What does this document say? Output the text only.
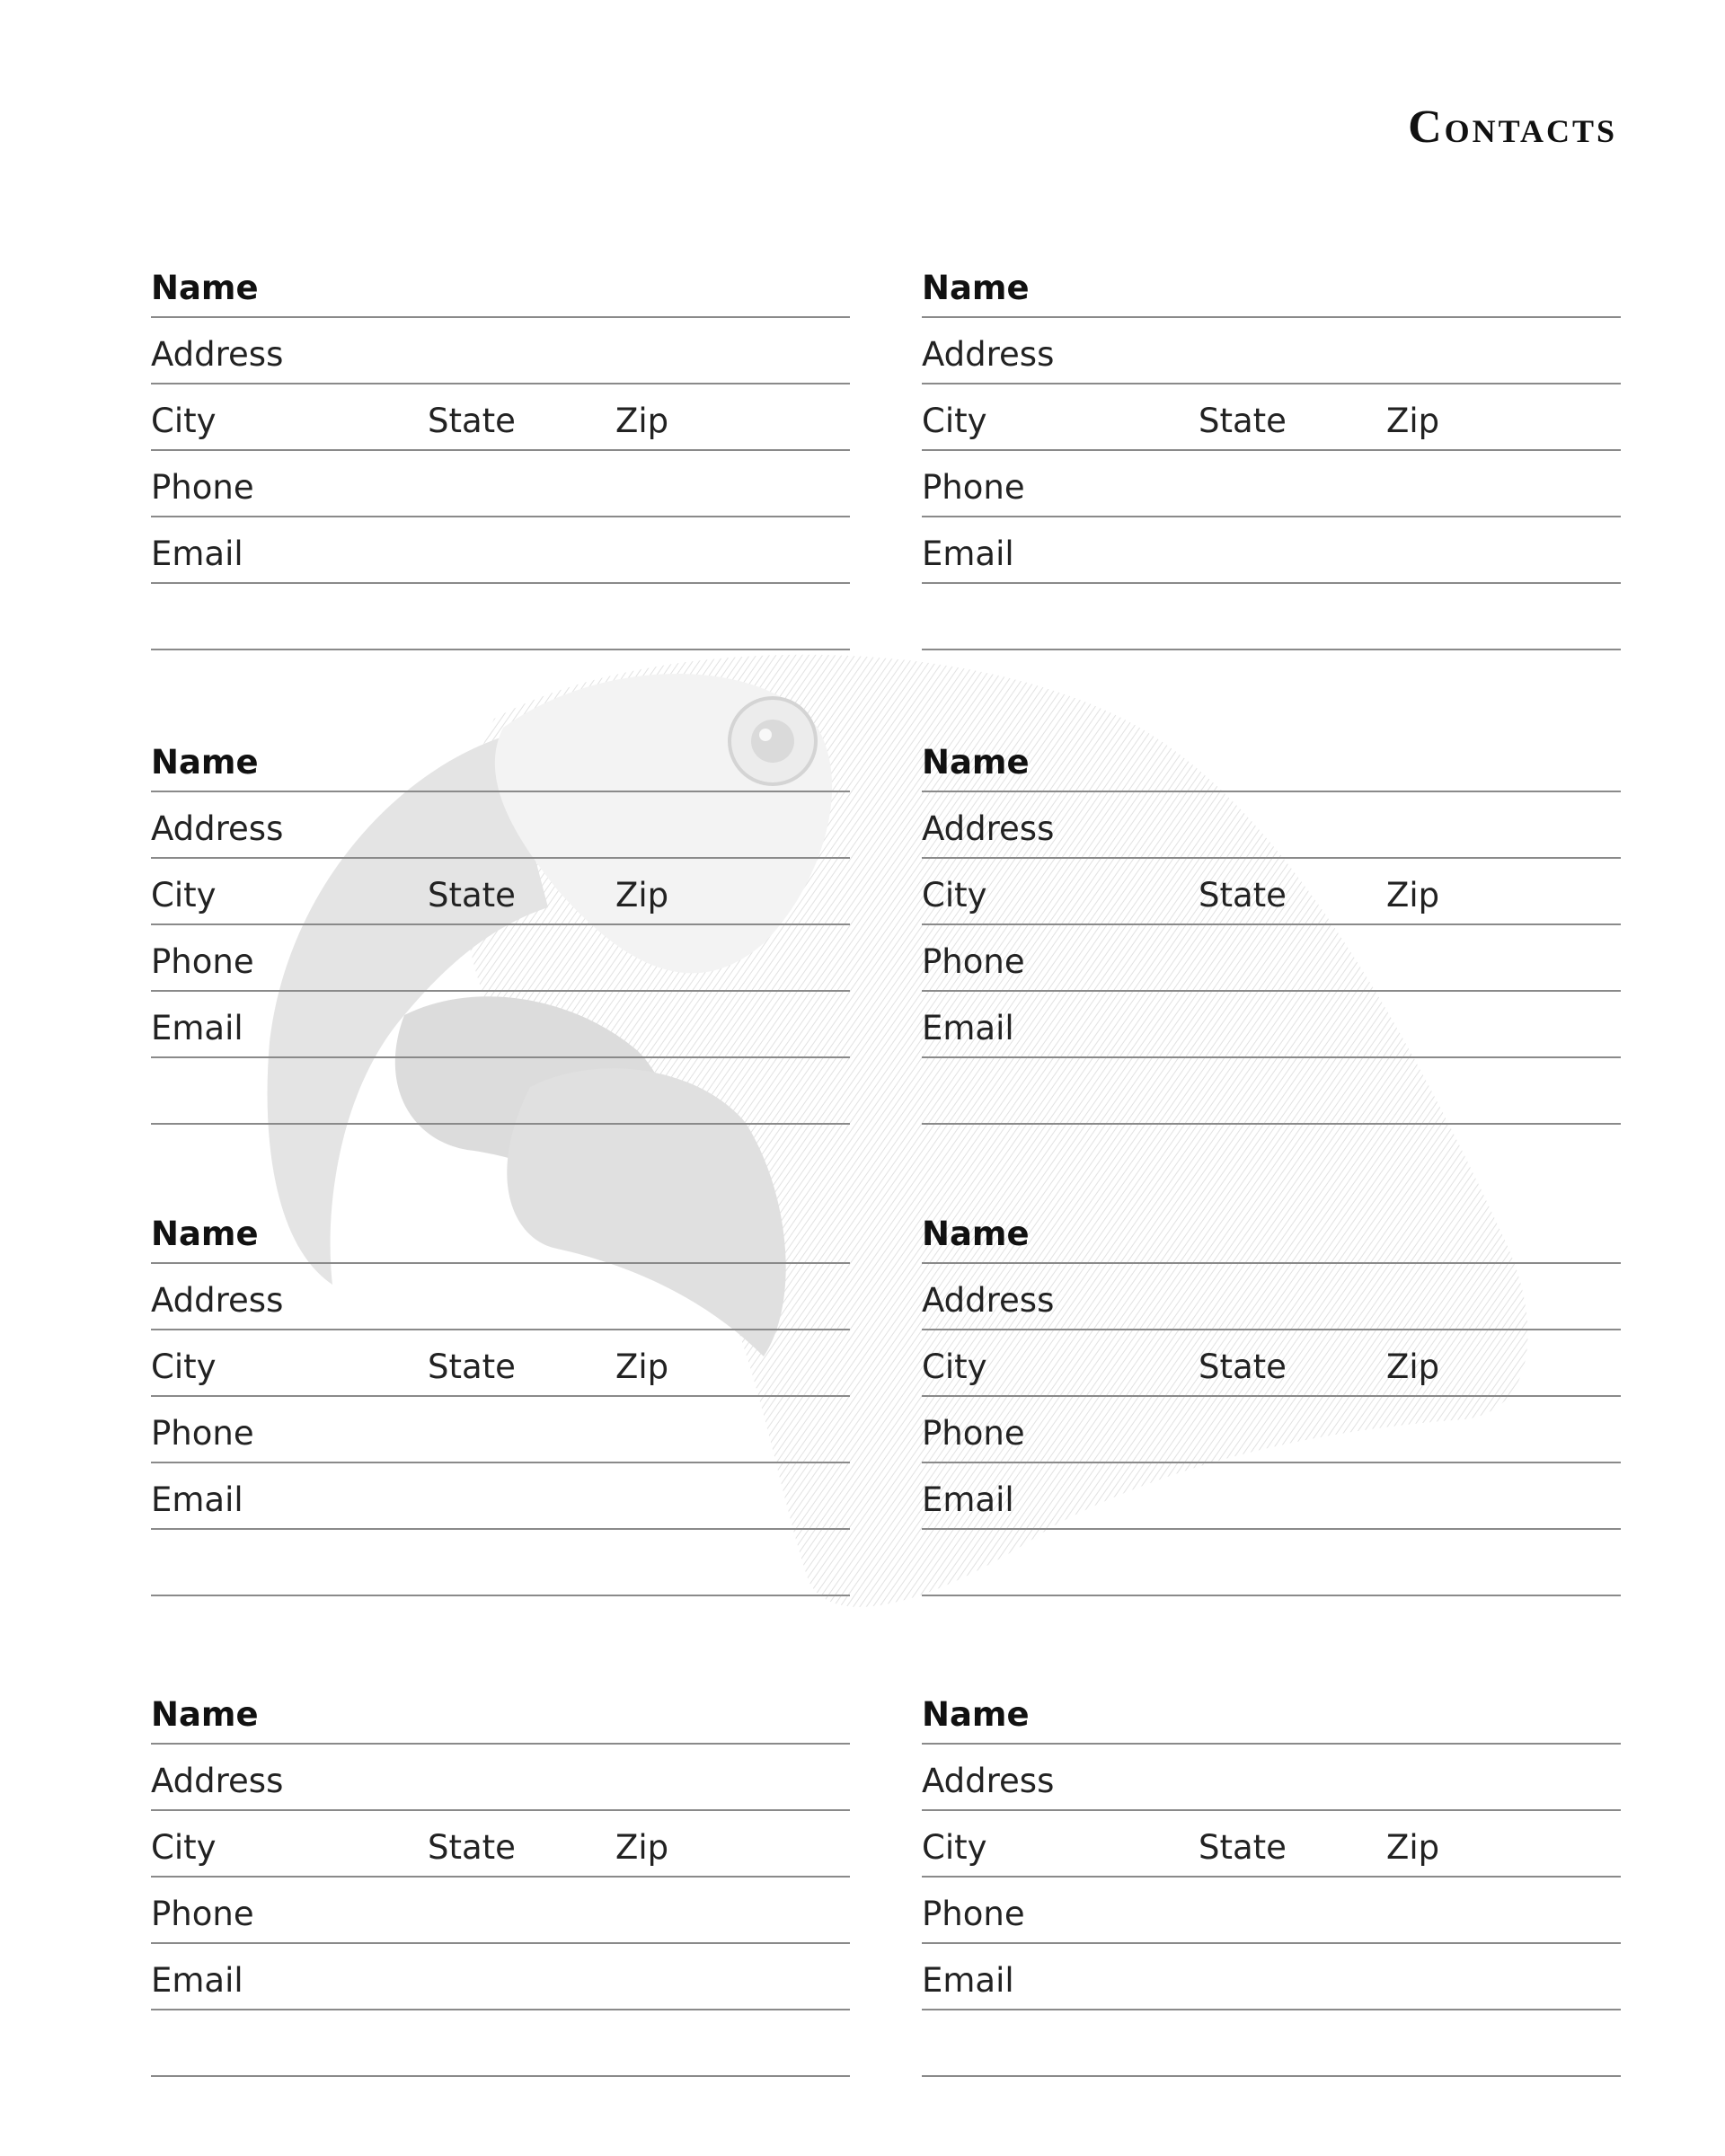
Contacts
Name
Address
City	State	Zip
Phone
Email
Name
Address
City	State	Zip
Phone
Email
Name
Address
City	State	Zip
Phone
Email
Name
Address
City	State	Zip
Phone
Email
Name
Address
City	State	Zip
Phone
Email
Name
Address
City	State	Zip
Phone
Email
Name
Address
City	State	Zip
Phone
Email
Name
Address
City	State	Zip
Phone
Email
